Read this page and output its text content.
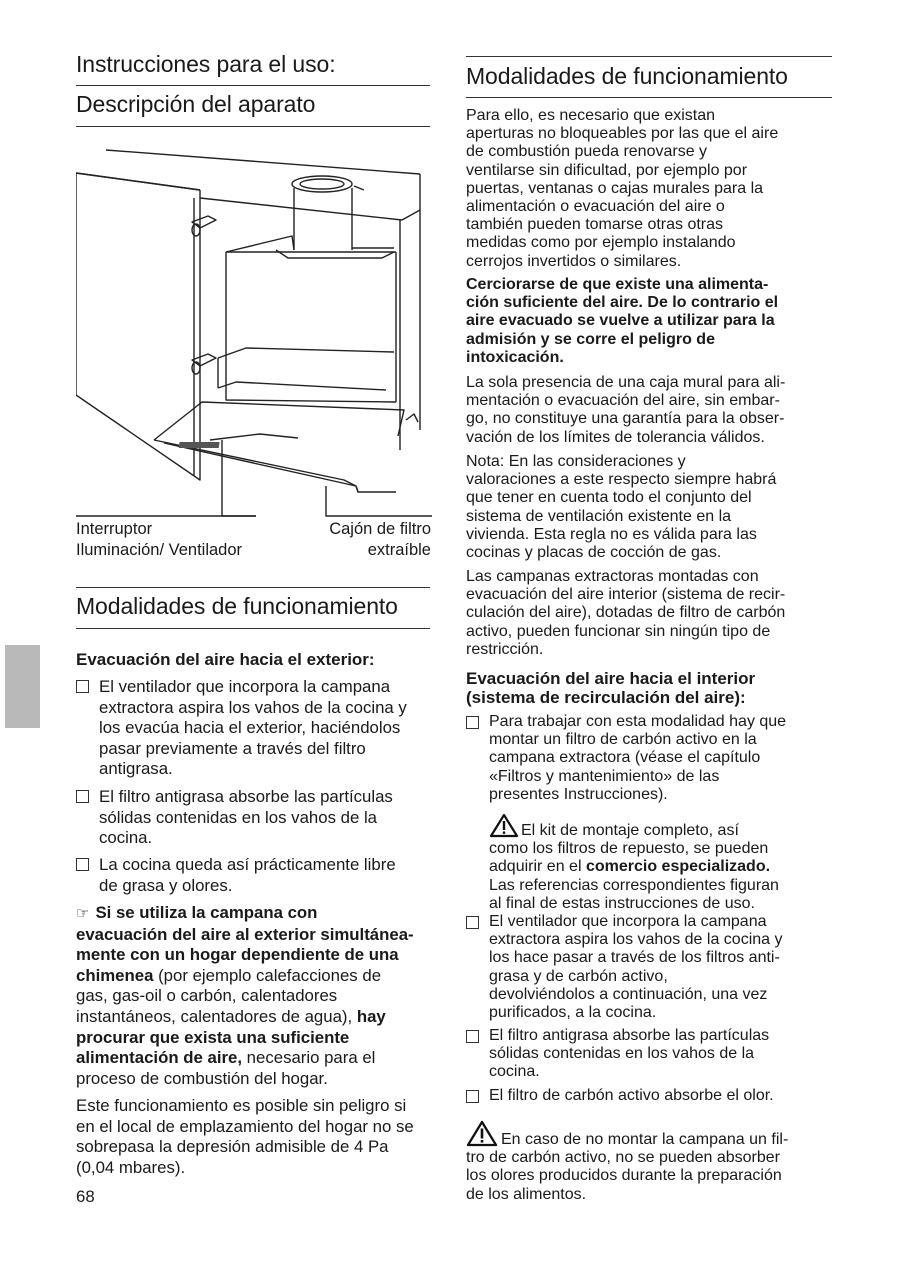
Instrucciones para el uso:
Descripción del aparato
Interruptor
Iluminación/ Ventilador
Cajón de filtro
extraíble
Modalidades de funcionamiento
Evacuación del aire hacia el exterior:
El ventilador que incorpora la campana
extractora aspira los vahos de la cocina y
los evacúa hacia el exterior, haciéndolos
pasar previamente a través del filtro
antigrasa.
El filtro antigrasa absorbe las partículas
sólidas contenidas en los vahos de la
cocina.
La cocina queda así prácticamente libre
de grasa y olores.
☞ Si se utiliza la campana con
evacuación del aire al exterior simultánea-
mente con un hogar dependiente de una
chimenea (por ejemplo calefacciones de
gas, gas-oil o carbón, calentadores
instantáneos, calentadores de agua), hay
procurar que exista una suficiente
alimentación de aire, necesario para el
proceso de combustión del hogar.
Este funcionamiento es posible sin peligro si
en el local de emplazamiento del hogar no se
sobrepasa la depresión admisible de 4 Pa
(0,04 mbares).
68
Modalidades de funcionamiento
Para ello, es necesario que existan
aperturas no bloqueables por las que el aire
de combustión pueda renovarse y
ventilarse sin dificultad, por ejemplo por
puertas, ventanas o cajas murales para la
alimentación o evacuación del aire o
también pueden tomarse otras otras
medidas como por ejemplo instalando
cerrojos invertidos o similares.
Cerciorarse de que existe una alimenta-
ción suficiente del aire. De lo contrario el
aire evacuado se vuelve a utilizar para la
admisión y se corre el peligro de
intoxicación.
La sola presencia de una caja mural para ali-
mentación o evacuación del aire, sin embar-
go, no constituye una garantía para la obser-
vación de los límites de tolerancia válidos.
Nota: En las consideraciones y
valoraciones a este respecto siempre habrá
que tener en cuenta todo el conjunto del
sistema de ventilación existente en la
vivienda. Esta regla no es válida para las
cocinas y placas de cocción de gas.
Las campanas extractoras montadas con
evacuación del aire interior (sistema de recir-
culación del aire), dotadas de filtro de carbón
activo, pueden funcionar sin ningún tipo de
restricción.
Evacuación del aire hacia el interior
(sistema de recirculación del aire):
Para trabajar con esta modalidad hay que
montar un filtro de carbón activo en la
campana extractora (véase el capítulo
«Filtros y mantenimiento» de las
presentes Instrucciones).
El kit de montaje completo, así
como los filtros de repuesto, se pueden
adquirir en el comercio especializado.
Las referencias correspondientes figuran
al final de estas instrucciones de uso.
El ventilador que incorpora la campana
extractora aspira los vahos de la cocina y
los hace pasar a través de los filtros anti-
grasa y de carbón activo,
devolviéndolos a continuación, una vez
purificados, a la cocina.
El filtro antigrasa absorbe las partículas
sólidas contenidas en los vahos de la
cocina.
El filtro de carbón activo absorbe el olor.
En caso de no montar la campana un fil-
tro de carbón activo, no se pueden absorber
los olores producidos durante la preparación
de los alimentos.
